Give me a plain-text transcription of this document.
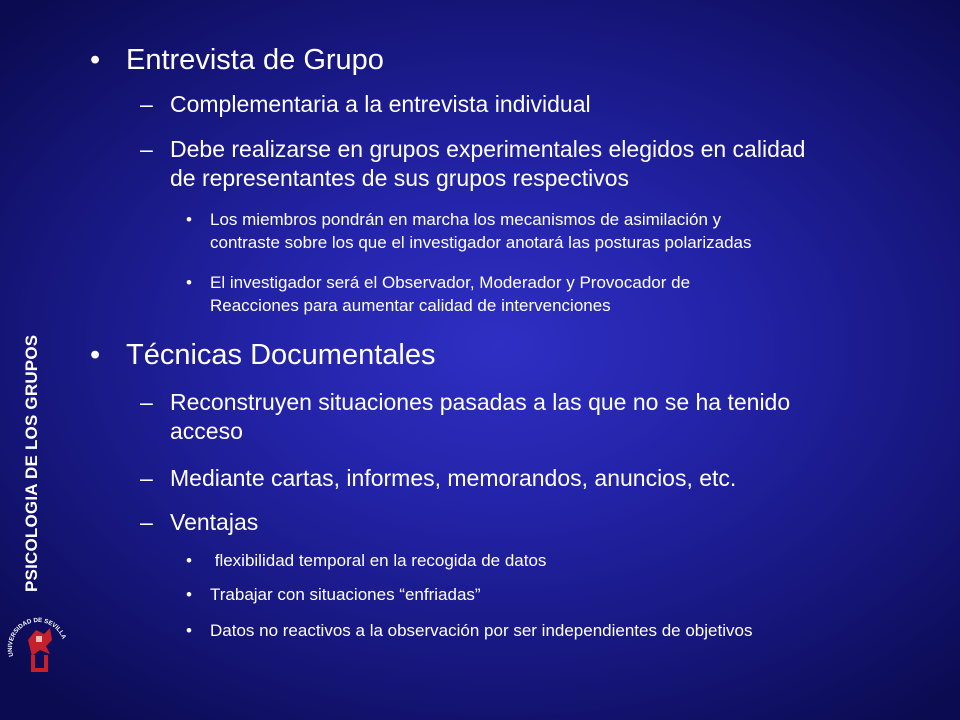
PSICOLOGIA DE LOS GRUPOS
UNIVERSIDAD DE SEVILLA
• Entrevista de Grupo
– Complementaria a la entrevista individual
– Debe realizarse en grupos experimentales elegidos en calidad
de representantes de sus grupos respectivos
• Los miembros pondrán en marcha los mecanismos de asimilación y
contraste sobre los que el investigador anotará las posturas polarizadas
• El investigador será el Observador, Moderador y Provocador de
Reacciones para aumentar calidad de intervenciones
• Técnicas Documentales
– Reconstruyen situaciones pasadas a las que no se ha tenido
acceso
– Mediante cartas, informes, memorandos, anuncios, etc.
– Ventajas
• flexibilidad temporal en la recogida de datos
• Trabajar con situaciones “enfriadas”
• Datos no reactivos a la observación por ser independientes de objetivos
